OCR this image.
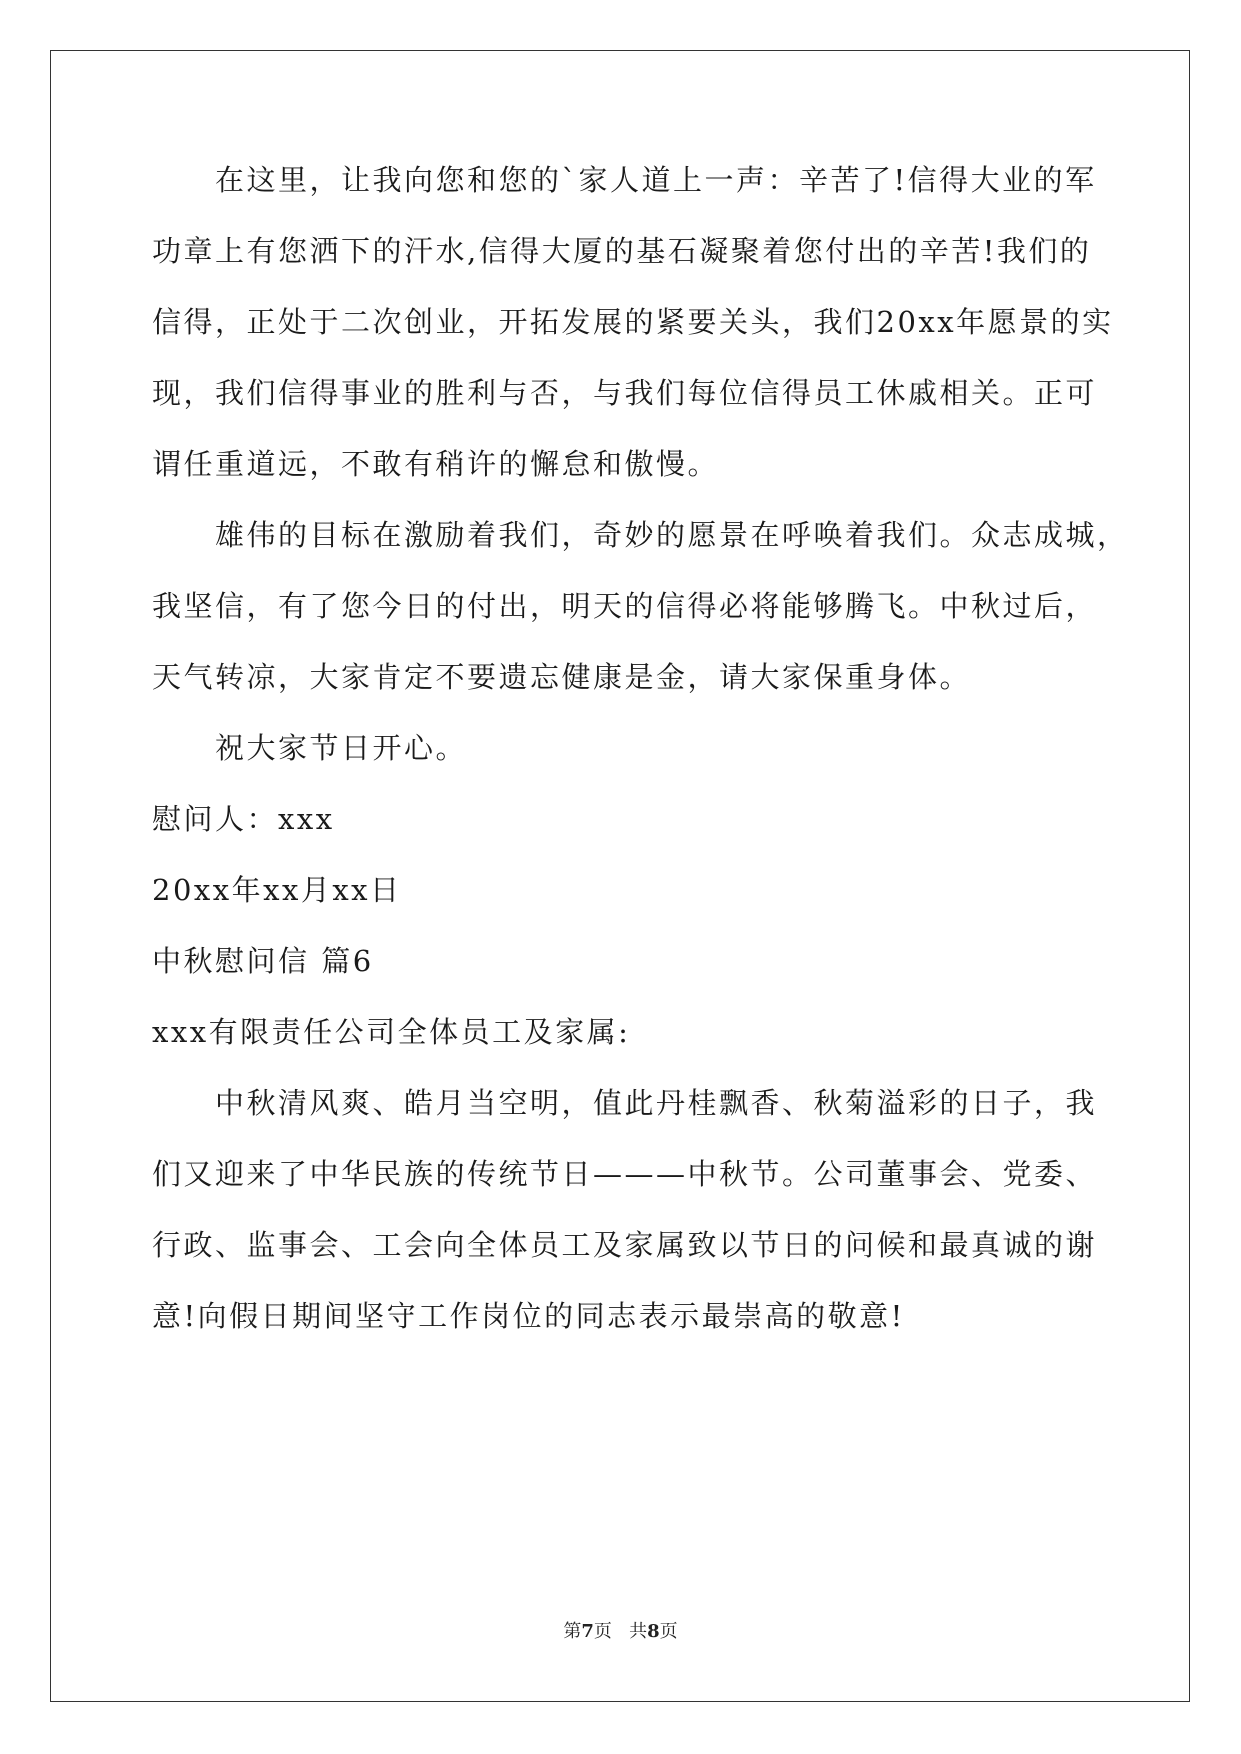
　　在这里，让我向您和您的`家人道上一声：辛苦了!信得大业的军
功章上有您洒下的汗水,信得大厦的基石凝聚着您付出的辛苦!我们的
信得，正处于二次创业，开拓发展的紧要关头，我们20xx年愿景的实
现，我们信得事业的胜利与否，与我们每位信得员工休戚相关。正可
谓任重道远，不敢有稍许的懈怠和傲慢。
　　雄伟的目标在激励着我们，奇妙的愿景在呼唤着我们。众志成城，
我坚信，有了您今日的付出，明天的信得必将能够腾飞。中秋过后，
天气转凉，大家肯定不要遗忘健康是金，请大家保重身体。
　　祝大家节日开心。
慰问人：xxx
20xx年xx月xx日
中秋慰问信 篇6
xxx有限责任公司全体员工及家属:
　　中秋清风爽、皓月当空明，值此丹桂飘香、秋菊溢彩的日子，我
们又迎来了中华民族的传统节日———中秋节。公司董事会、党委、
行政、监事会、工会向全体员工及家属致以节日的问候和最真诚的谢
意!向假日期间坚守工作岗位的同志表示最崇高的敬意!
第7页 共8页
